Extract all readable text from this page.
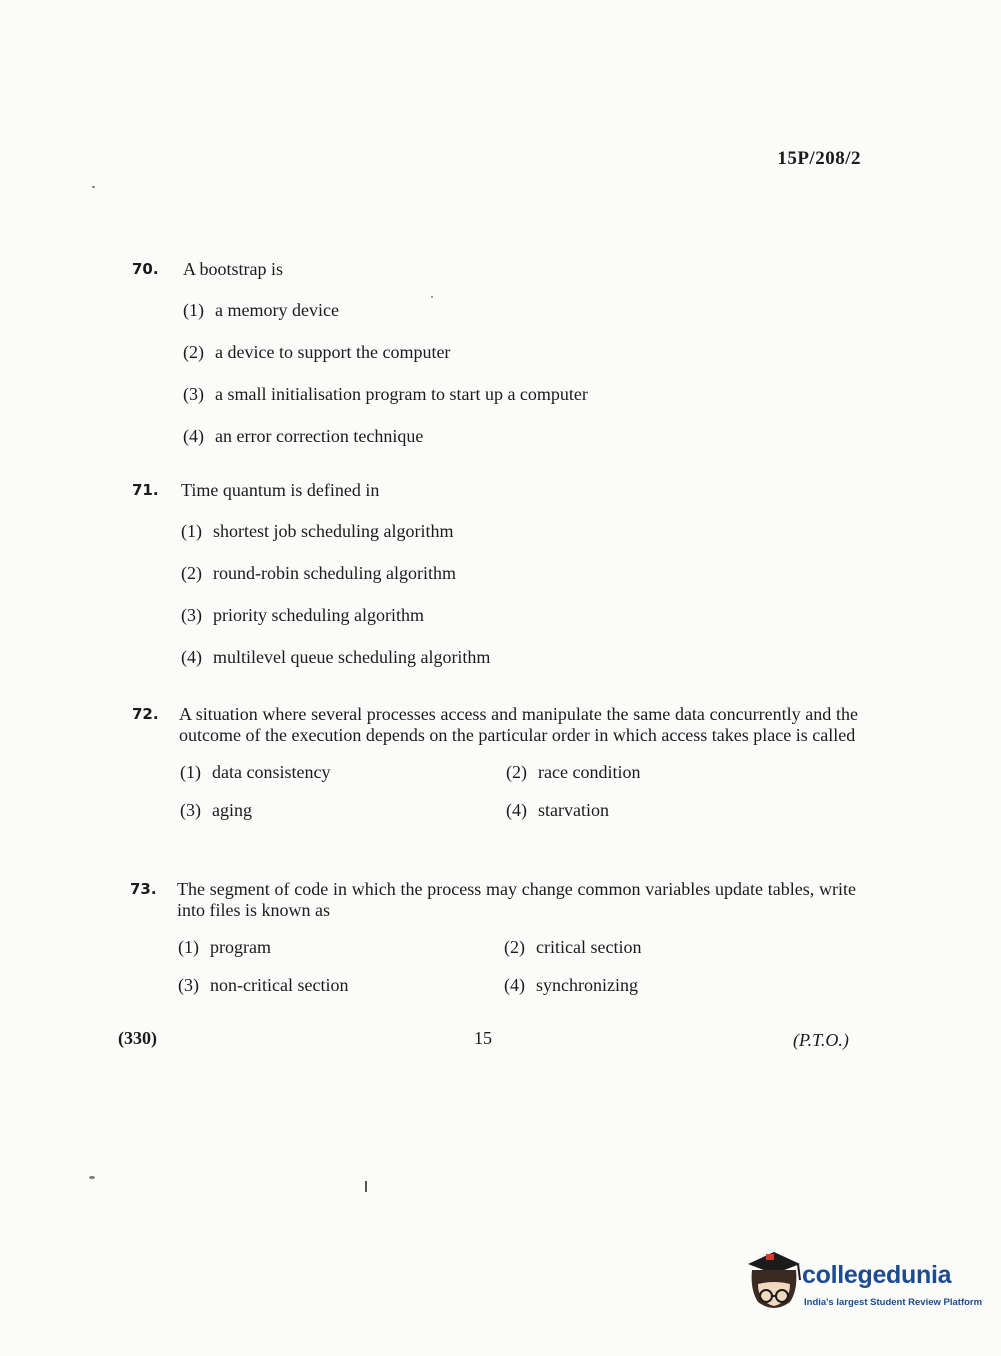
15P/208/2
70. A bootstrap is
(1) a memory device
(2) a device to support the computer
(3) a small initialisation program to start up a computer
(4) an error correction technique
71. Time quantum is defined in
(1) shortest job scheduling algorithm
(2) round-robin scheduling algorithm
(3) priority scheduling algorithm
(4) multilevel queue scheduling algorithm
72. A situation where several processes access and manipulate the same data concurrently and the outcome of the execution depends on the particular order in which access takes place is called
(1) data consistency	(2) race condition
(3) aging	(4) starvation
73. The segment of code in which the process may change common variables update tables, write into files is known as
(1) program	(2) critical section
(3) non-critical section	(4) synchronizing
(330)	15	(P.T.O.)
collegedunia
India's largest Student Review Platform
